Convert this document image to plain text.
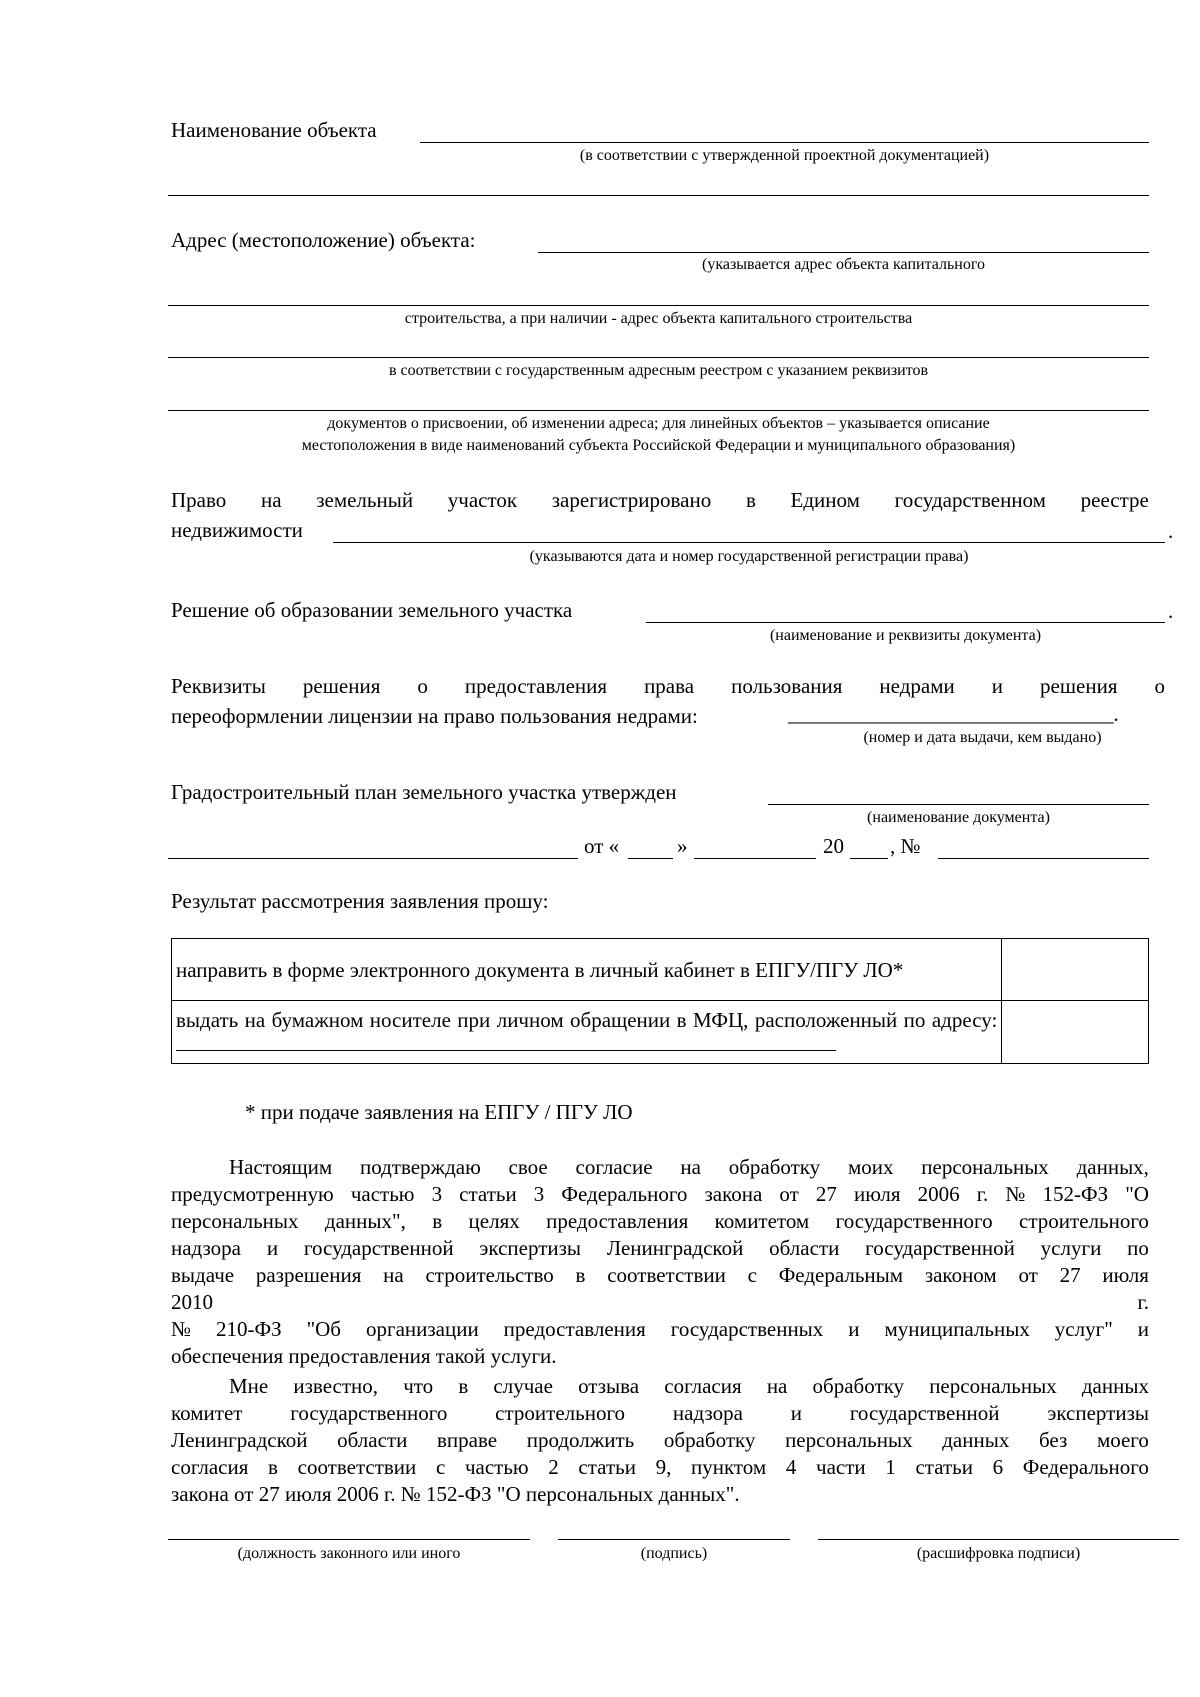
Наименование объекта
(в соответствии с утвержденной проектной документацией)
Адрес (местоположение) объекта:
(указывается адрес объекта капитального
строительства, а при наличии - адрес объекта капитального строительства
в соответствии с государственным адресным реестром с указанием реквизитов
документов о присвоении, об изменении адреса; для линейных объектов – указывается описание
местоположения в виде наименований субъекта Российской Федерации и муниципального образования)
Право на земельный участок зарегистрировано в Едином государственном реестре
недвижимости	.
(указываются дата и номер государственной регистрации права)
Решение об образовании земельного участка	.
(наименование и реквизиты документа)
Реквизиты решения о предоставления права пользования недрами и решения о
переоформлении лицензии на право пользования недрами:	_______________________________.
(номер и дата выдачи, кем выдано)
Градостроительный план земельного участка утвержден
(наименование документа)
от «	»	20 , №
Результат рассмотрения заявления прошу:
направить в форме электронного документа в личный кабинет в ЕПГУ/ПГУ ЛО*	
выдать на бумажном носителе при личном обращении в МФЦ, расположенный по адресу:	
* при подаче заявления на ЕПГУ / ПГУ ЛО
Настоящим подтверждаю свое согласие на обработку моих персональных данных,
предусмотренную частью 3 статьи 3 Федерального закона от 27 июля 2006 г. № 152-ФЗ "О
персональных данных", в целях предоставления комитетом государственного строительного
надзора и государственной экспертизы Ленинградской области государственной услуги по
выдаче разрешения на строительство в соответствии с Федеральным законом от 27 июля
2010	г.
№ 210-ФЗ "Об организации предоставления государственных и муниципальных услуг" и
обеспечения предоставления такой услуги.
Мне известно, что в случае отзыва согласия на обработку персональных данных
комитет государственного строительного надзора и государственной экспертизы
Ленинградской области вправе продолжить обработку персональных данных без моего
согласия в соответствии с частью 2 статьи 9, пунктом 4 части 1 статьи 6 Федерального
закона от 27 июля 2006 г. № 152-ФЗ "О персональных данных".
(должность законного или иного	(подпись)	(расшифровка подписи)
